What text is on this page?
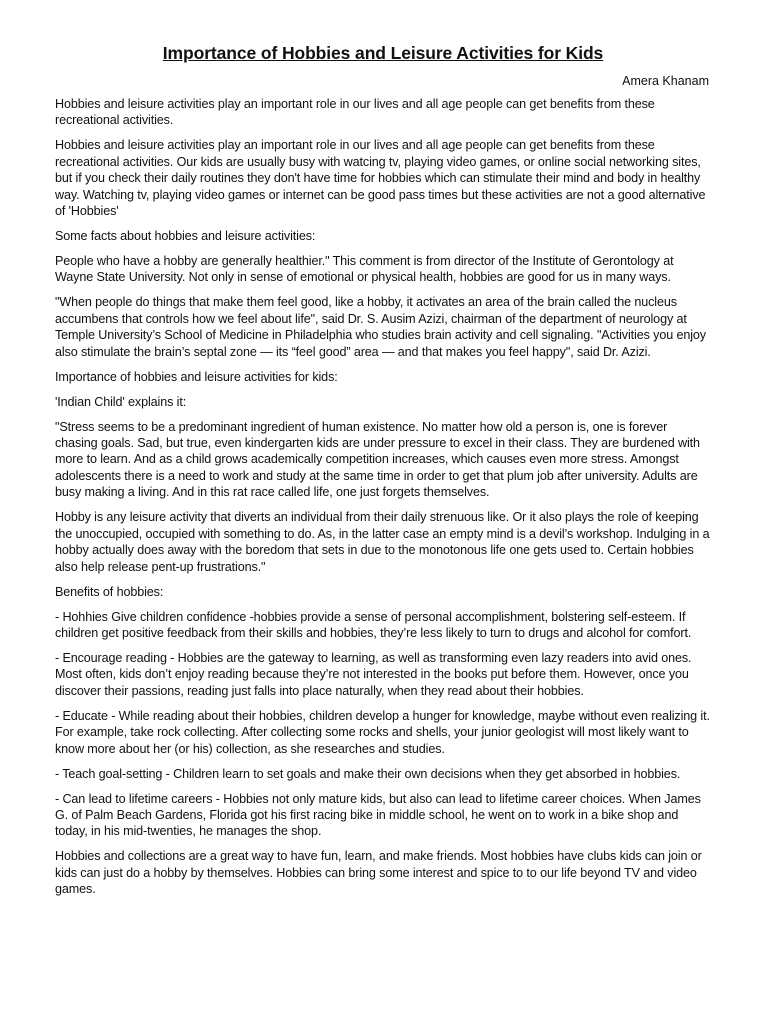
Importance of Hobbies and Leisure Activities for Kids
Amera Khanam

Hobbies and leisure activities play an important role in our lives and all age people can get benefits from these recreational activities.

Hobbies and leisure activities play an important role in our lives and all age people can get benefits from these recreational activities. Our kids are usually busy with watcing tv, playing video games, or online social networking sites, but if you check their daily routines they don't have time for hobbies which can stimulate their mind and body in healthy way. Watching tv, playing video games or internet can be good pass times but these activities are not a good alternative of 'Hobbies'

Some facts about hobbies and leisure activities:

People who have a hobby are generally healthier." This comment is from director of the Institute of Gerontology at Wayne State University. Not only in sense of emotional or physical health, hobbies are good for us in many ways.

"When people do things that make them feel good, like a hobby, it activates an area of the brain called the nucleus accumbens that controls how we feel about life", said Dr. S. Ausim Azizi, chairman of the department of neurology at Temple University’s School of Medicine in Philadelphia who studies brain activity and cell signaling. "Activities you enjoy also stimulate the brain’s septal zone — its “feel good” area — and that makes you feel happy", said Dr. Azizi.

Importance of hobbies and leisure activities for kids:

'Indian Child' explains it:

"Stress seems to be a predominant ingredient of human existence. No matter how old a person is, one is forever chasing goals. Sad, but true, even kindergarten kids are under pressure to excel in their class. They are burdened with more to learn. And as a child grows academically competition increases, which causes even more stress. Amongst adolescents there is a need to work and study at the same time in order to get that plum job after university. Adults are busy making a living. And in this rat race called life, one just forgets themselves.

Hobby is any leisure activity that diverts an individual from their daily strenuous like. Or it also plays the role of keeping the unoccupied, occupied with something to do. As, in the latter case an empty mind is a devil’s workshop. Indulging in a hobby actually does away with the boredom that sets in due to the monotonous life one gets used to. Certain hobbies also help release pent-up frustrations."

Benefits of hobbies:

- Hohhies Give children confidence -hobbies provide a sense of personal accomplishment, bolstering self-esteem. If children get positive feedback from their skills and hobbies, they’re less likely to turn to drugs and alcohol for comfort.

- Encourage reading - Hobbies are the gateway to learning, as well as transforming even lazy readers into avid ones. Most often, kids don’t enjoy reading because they’re not interested in the books put before them. However, once you discover their passions, reading just falls into place naturally, when they read about their hobbies.

- Educate - While reading about their hobbies, children develop a hunger for knowledge, maybe without even realizing it. For example, take rock collecting. After collecting some rocks and shells, your junior geologist will most likely want to know more about her (or his) collection, as she researches and studies.

- Teach goal-setting - Children learn to set goals and make their own decisions when they get absorbed in hobbies.

- Can lead to lifetime careers - Hobbies not only mature kids, but also can lead to lifetime career choices. When James G. of Palm Beach Gardens, Florida got his first racing bike in middle school, he went on to work in a bike shop and today, in his mid-twenties, he manages the shop.

Hobbies and collections are a great way to have fun, learn, and make friends. Most hobbies have clubs kids can join or kids can just do a hobby by themselves. Hobbies can bring some interest and spice to to our life beyond TV and video games.
